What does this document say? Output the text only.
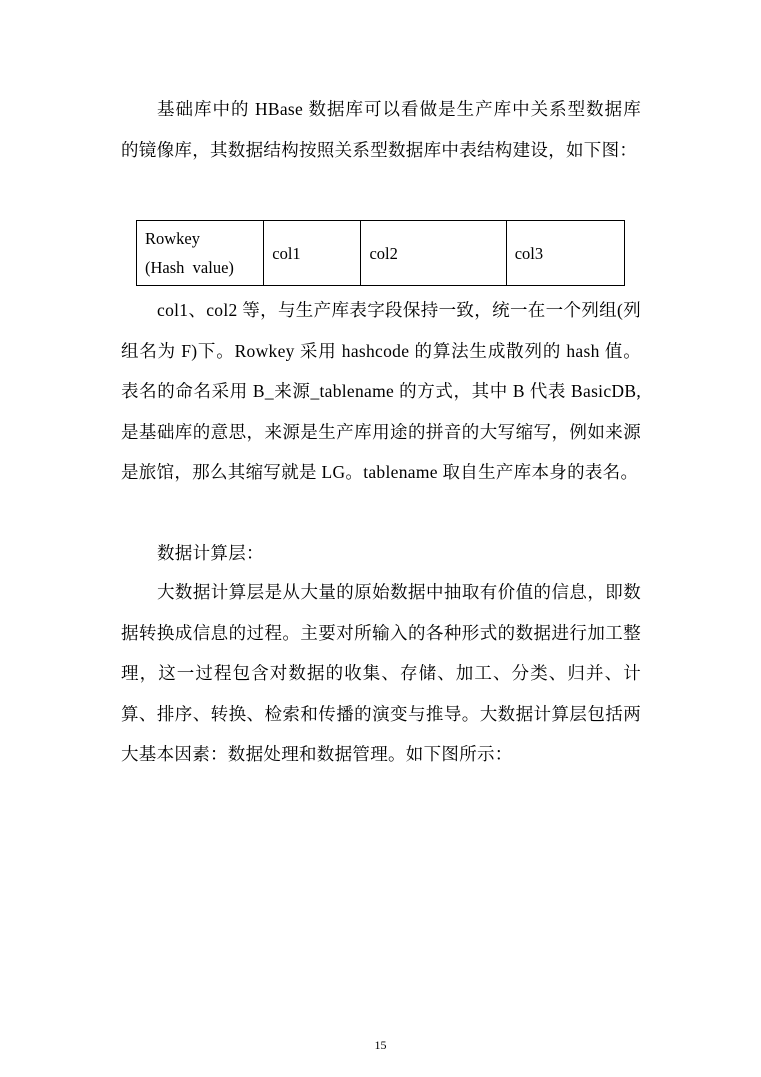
基础库中的 HBase 数据库可以看做是生产库中关系型数据库的镜像库，其数据结构按照关系型数据库中表结构建设，如下图：

Rowkey
(Hash  value)
	col1	col2	col3

col1、col2 等，与生产库表字段保持一致，统一在一个列组(列组名为 F)下。Rowkey 采用 hashcode 的算法生成散列的 hash 值。表名的命名采用 B_来源_tablename 的方式，其中 B 代表 BasicDB,是基础库的意思，来源是生产库用途的拼音的大写缩写，例如来源是旅馆，那么其缩写就是 LG。tablename 取自生产库本身的表名。

数据计算层：

大数据计算层是从大量的原始数据中抽取有价值的信息，即数据转换成信息的过程。主要对所输入的各种形式的数据进行加工整理，这一过程包含对数据的收集、存储、加工、分类、归并、计算、排序、转换、检索和传播的演变与推导。大数据计算层包括两大基本因素：数据处理和数据管理。如下图所示：

15
